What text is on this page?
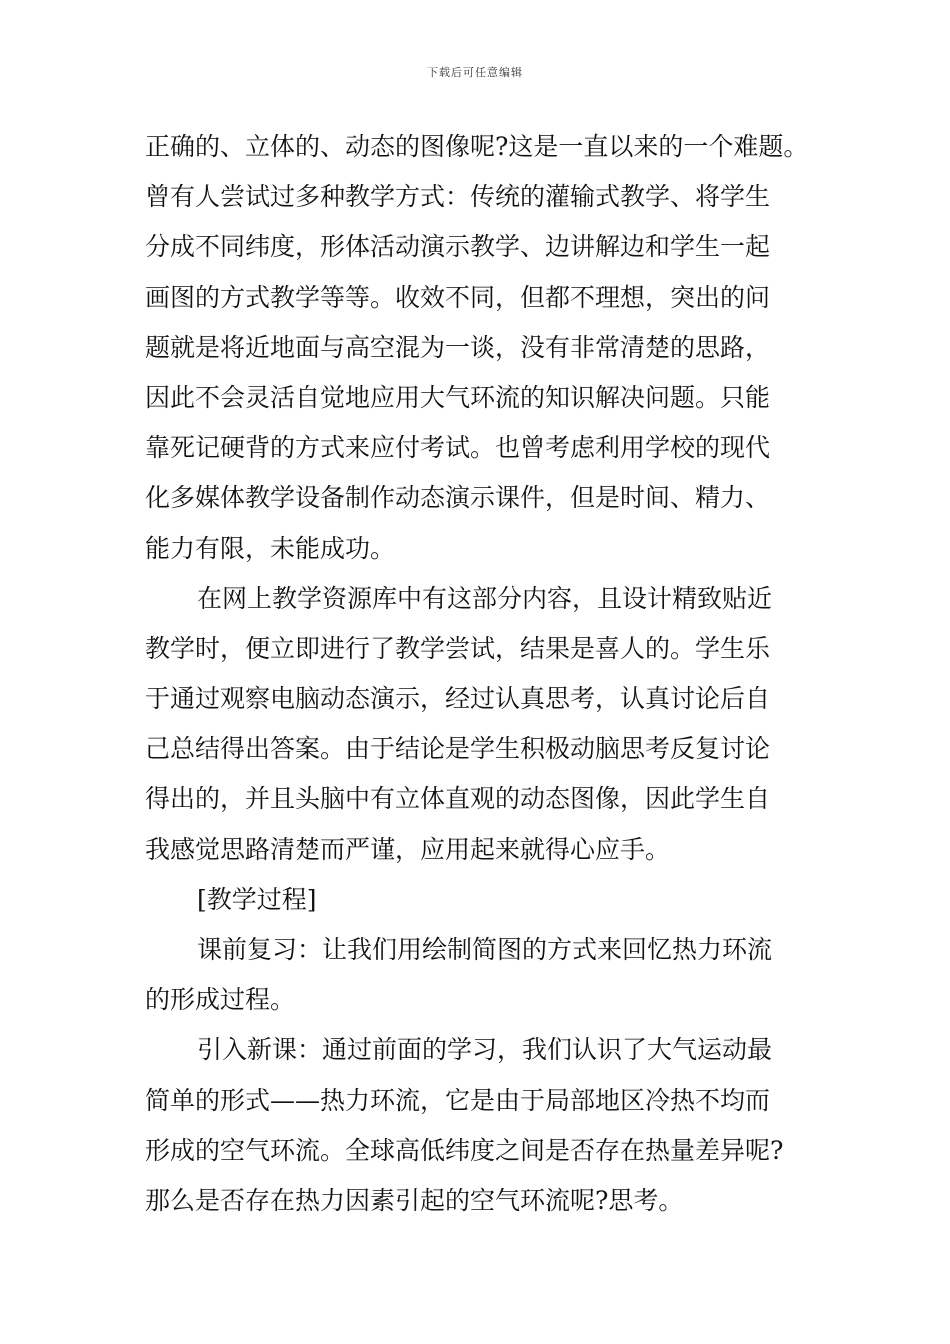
下载后可任意编辑
正确的、立体的、动态的图像呢?这是一直以来的一个难题。
曾有人尝试过多种教学方式：传统的灌输式教学、将学生
分成不同纬度，形体活动演示教学、边讲解边和学生一起
画图的方式教学等等。收效不同，但都不理想，突出的问
题就是将近地面与高空混为一谈，没有非常清楚的思路，
因此不会灵活自觉地应用大气环流的知识解决问题。只能
靠死记硬背的方式来应付考试。也曾考虑利用学校的现代
化多媒体教学设备制作动态演示课件，但是时间、精力、
能力有限，未能成功。
在网上教学资源库中有这部分内容，且设计精致贴近
教学时，便立即进行了教学尝试，结果是喜人的。学生乐
于通过观察电脑动态演示，经过认真思考，认真讨论后自
己总结得出答案。由于结论是学生积极动脑思考反复讨论
得出的，并且头脑中有立体直观的动态图像，因此学生自
我感觉思路清楚而严谨，应用起来就得心应手。
[教学过程]
课前复习：让我们用绘制简图的方式来回忆热力环流
的形成过程。
引入新课：通过前面的学习，我们认识了大气运动最
简单的形式——热力环流，它是由于局部地区冷热不均而
形成的空气环流。全球高低纬度之间是否存在热量差异呢?
那么是否存在热力因素引起的空气环流呢?思考。
